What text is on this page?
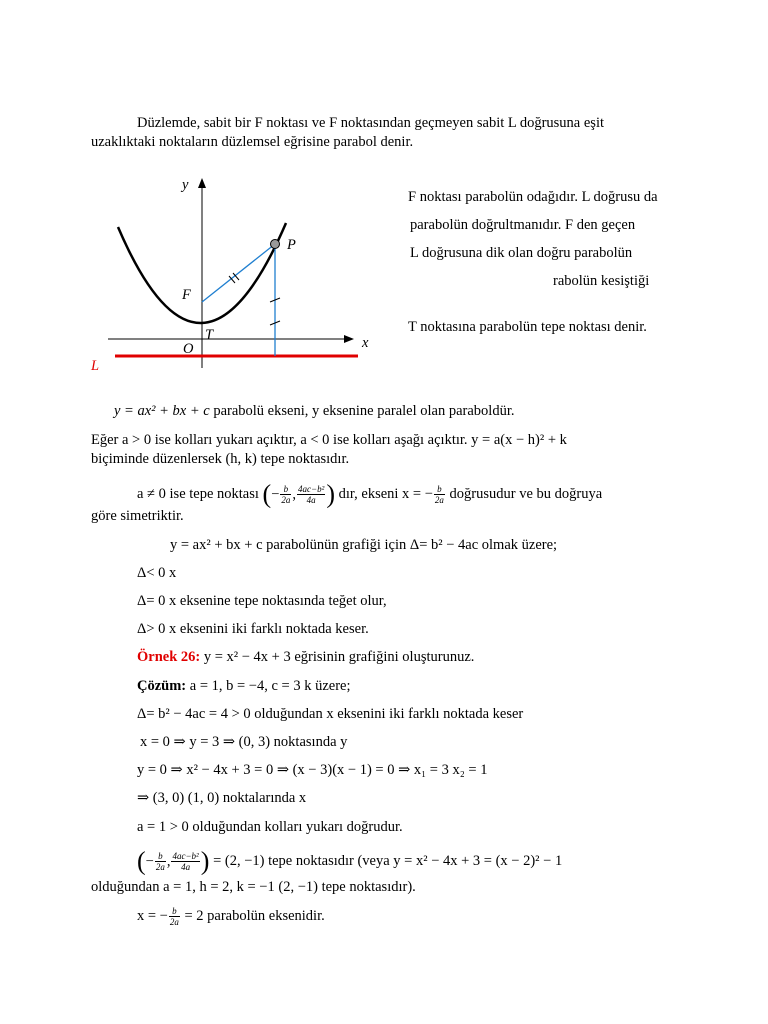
Düzlemde, sabit bir F noktası ve F noktasından geçmeyen sabit L doğrusuna eşit
uzaklıktaki noktaların düzlemsel eğrisine parabol denir.
y
P
F
T
O	x
L
F noktası parabolün odağıdır. L doğrusu da
parabolün doğrultmanıdır. F den geçen
L doğrusuna dik olan doğru parabolün
rabolün kesiştiği
T noktasına parabolün tepe noktası denir.
y = ax² + bx + c parabolü ekseni, y eksenine paralel olan paraboldür.
Eğer a > 0 ise kolları yukarı açıktır, a < 0 ise kolları aşağı açıktır. y = a(x − h)² + k
biçiminde düzenlersek (h, k) tepe noktasıdır.
a ≠ 0 ise tepe noktası (− $\frac{b}{2a}$ , $\frac{\text{4ac−b²}}{4a}$ ) dır, ekseni x = − $\frac{b}{2a}$ doğrusudur ve bu doğruya
göre simetriktir.
y = ax² + bx + c parabolünün grafiği için Δ= b² − 4ac olmak üzere;
Δ< 0 x
Δ= 0 x eksenine tepe noktasında teğet olur,
Δ> 0 x eksenini iki farklı noktada keser.
Örnek 26: y = x² − 4x + 3 eğrisinin grafiğini oluşturunuz.
Çözüm: a = 1, b = −4, c = 3 k üzere;
Δ= b² − 4ac = 4 > 0 olduğundan x eksenini iki farklı noktada keser
x = 0 ⇒ y = 3 ⇒ (0, 3) noktasında y
y = 0 ⇒ x² − 4x + 3 = 0 ⇒ (x − 3)(x − 1) = 0 ⇒ x₁ = 3 x₂ = 1
⇒ (3, 0) (1, 0) noktalarında x
a = 1 > 0 olduğundan kolları yukarı doğrudur.
(− $\frac{b}{2a}$ , $\frac{\text{4ac−b²}}{4a}$ ) = (2, −1) tepe noktasıdır (veya y = x² − 4x + 3 = (x − 2)² − 1
olduğundan a = 1, h = 2, k = −1 (2, −1) tepe noktasıdır).
x = − $\frac{b}{2a} = 2$ parabolün eksenidir.
